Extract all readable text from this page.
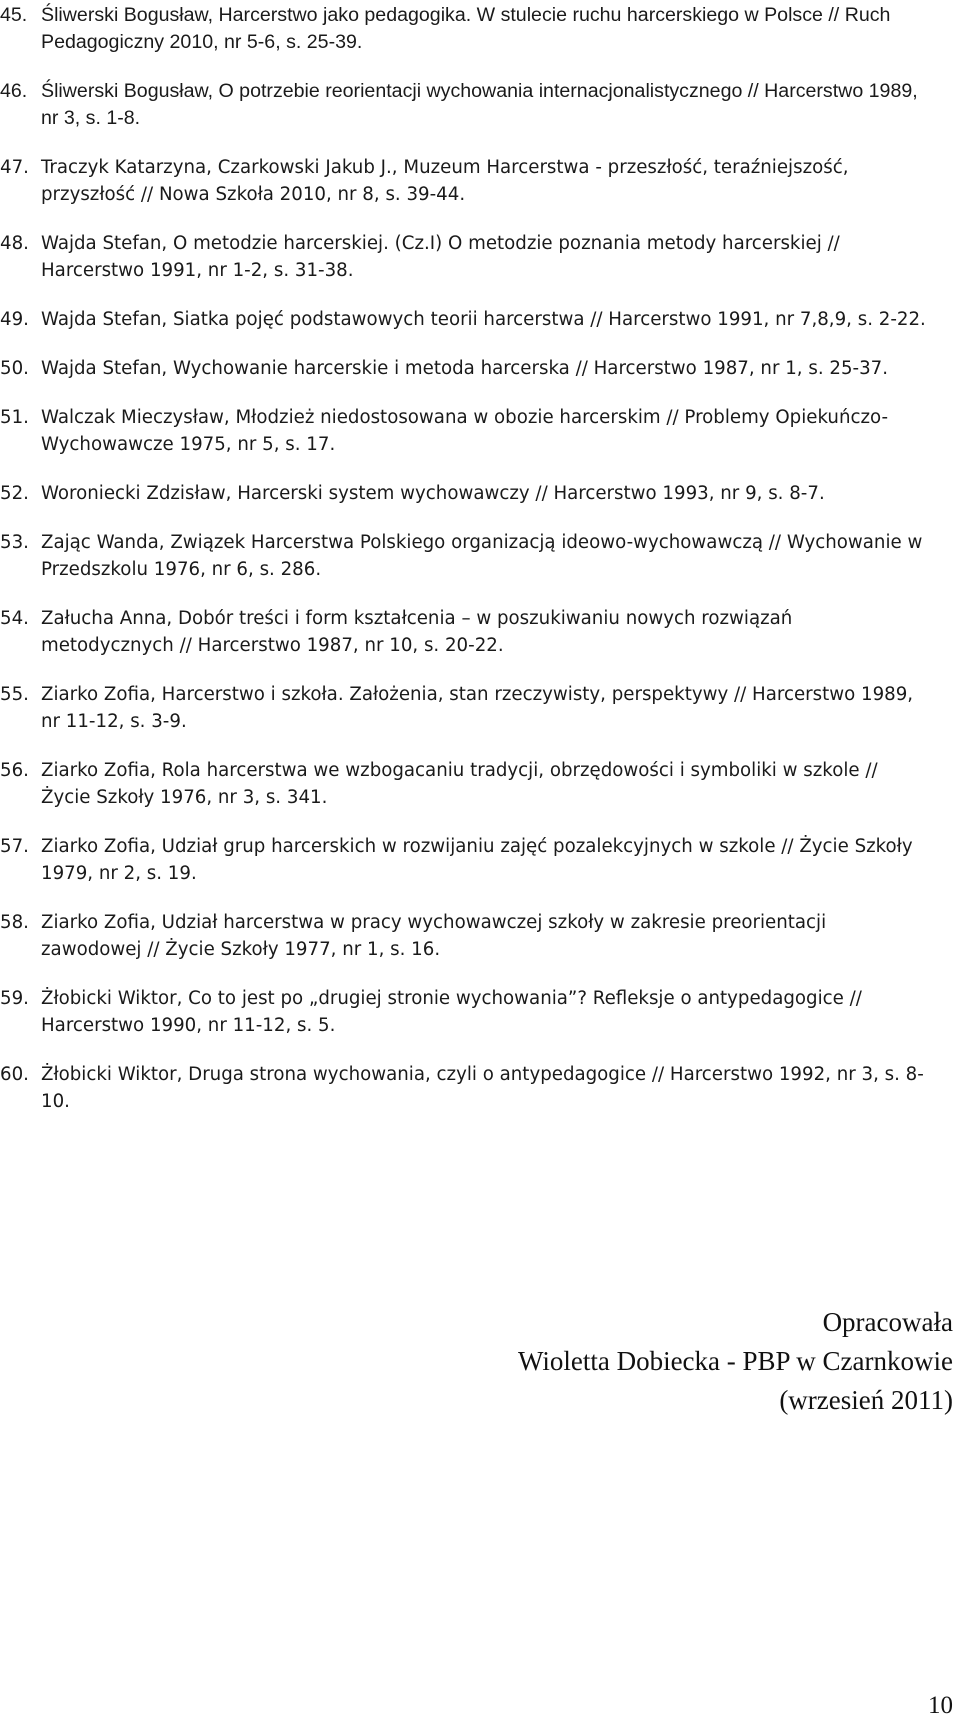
45. Śliwerski Bogusław, Harcerstwo jako pedagogika. W stulecie ruchu harcerskiego w Polsce // Ruch Pedagogiczny 2010, nr 5-6, s. 25-39.
46. Śliwerski Bogusław, O potrzebie reorientacji wychowania internacjonalistycznego // Harcerstwo 1989, nr 3, s. 1-8.
47. Traczyk Katarzyna, Czarkowski Jakub J., Muzeum Harcerstwa - przeszłość, teraźniejszość, przyszłość // Nowa Szkoła 2010, nr 8, s. 39-44.
48. Wajda Stefan, O metodzie harcerskiej. (Cz.I) O metodzie poznania metody harcerskiej // Harcerstwo 1991, nr 1-2, s. 31-38.
49. Wajda Stefan, Siatka pojęć podstawowych teorii harcerstwa // Harcerstwo 1991, nr 7,8,9, s. 2-22.
50. Wajda Stefan, Wychowanie harcerskie i metoda harcerska // Harcerstwo 1987, nr 1, s. 25-37.
51. Walczak Mieczysław, Młodzież niedostosowana w obozie harcerskim // Problemy Opiekuńczo-Wychowawcze 1975, nr 5, s. 17.
52. Woroniecki Zdzisław, Harcerski system wychowawczy // Harcerstwo 1993, nr 9, s. 8-7.
53. Zając Wanda, Związek Harcerstwa Polskiego organizacją ideowo-wychowawczą // Wychowanie w Przedszkolu 1976, nr 6, s. 286.
54. Załucha Anna, Dobór treści i form kształcenia – w poszukiwaniu nowych rozwiązań metodycznych // Harcerstwo 1987, nr 10, s. 20-22.
55. Ziarko Zofia, Harcerstwo i szkoła. Założenia, stan rzeczywisty, perspektywy // Harcerstwo 1989, nr 11-12, s. 3-9.
56. Ziarko Zofia, Rola harcerstwa we wzbogacaniu tradycji, obrzędowości i symboliki w szkole // Życie Szkoły 1976, nr 3, s. 341.
57. Ziarko Zofia, Udział grup harcerskich w rozwijaniu zajęć pozalekcyjnych w szkole // Życie Szkoły 1979, nr 2, s. 19.
58. Ziarko Zofia, Udział harcerstwa w pracy wychowawczej szkoły w zakresie preorientacji zawodowej // Życie Szkoły 1977, nr 1, s. 16.
59. Żłobicki Wiktor, Co to jest po „drugiej stronie wychowania”? Refleksje o antypedagogice // Harcerstwo 1990, nr 11-12, s. 5.
60. Żłobicki Wiktor, Druga strona wychowania, czyli o antypedagogice // Harcerstwo 1992, nr 3, s. 8-10.
Opracowała
Wioletta Dobiecka - PBP w Czarnkowie
(wrzesień 2011)
10
